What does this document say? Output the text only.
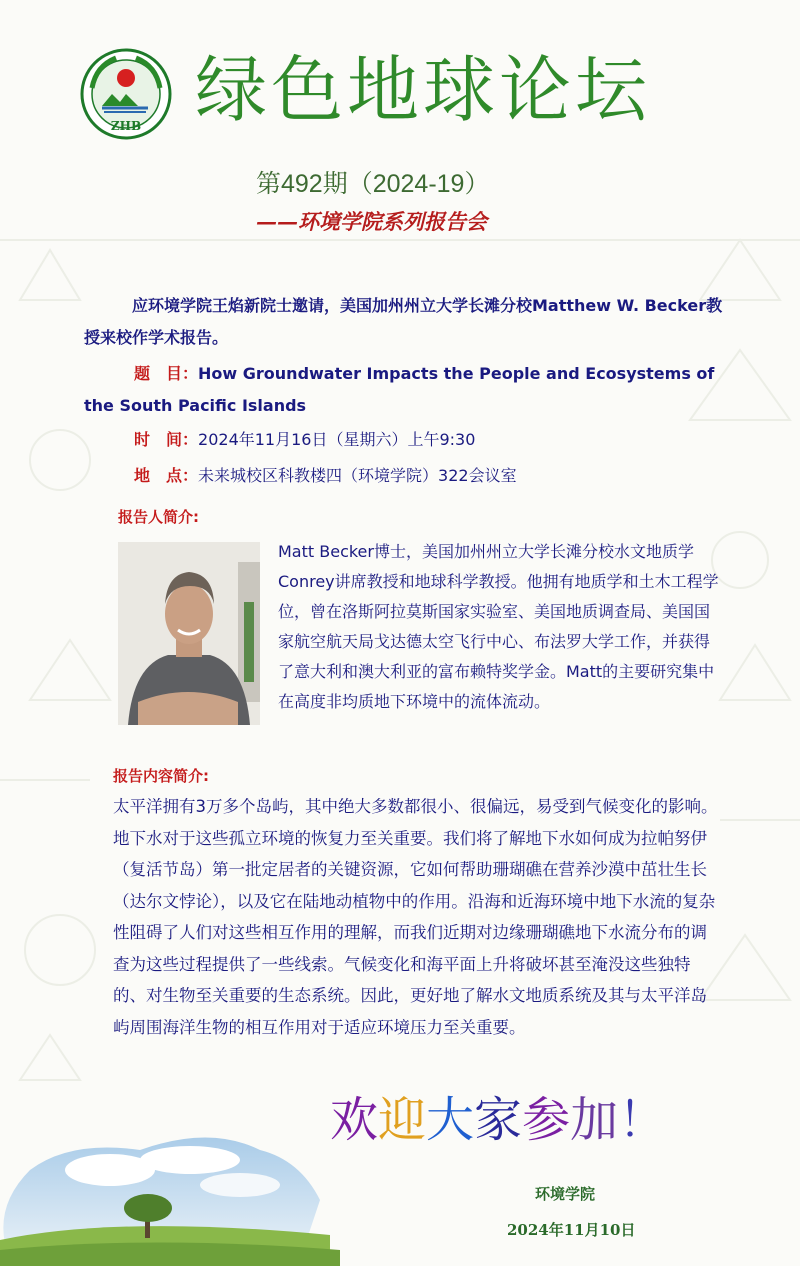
ZHB 绿色地球论坛
第492期（2024-19）
——环境学院系列报告会
应环境学院王焰新院士邀请，美国加州州立大学长滩分校Matthew W. Becker教授来校作学术报告。
题　目：How Groundwater Impacts the People and Ecosystems of the South Pacific Islands
时　间：2024年11月16日（星期六）上午9:30
地　点：未来城校区科教楼四（环境学院）322会议室
报告人简介:
Matt Becker博士，美国加州州立大学长滩分校水文地质学Conrey讲席教授和地球科学教授。他拥有地质学和土木工程学位，曾在洛斯阿拉莫斯国家实验室、美国地质调查局、美国国家航空航天局戈达德太空飞行中心、布法罗大学工作，并获得了意大利和澳大利亚的富布赖特奖学金。Matt的主要研究集中在高度非均质地下环境中的流体流动。
报告内容简介:
太平洋拥有3万多个岛屿，其中绝大多数都很小、很偏远，易受到气候变化的影响。地下水对于这些孤立环境的恢复力至关重要。我们将了解地下水如何成为拉帕努伊（复活节岛）第一批定居者的关键资源，它如何帮助珊瑚礁在营养沙漠中茁壮生长（达尔文悖论），以及它在陆地动植物中的作用。沿海和近海环境中地下水流的复杂性阻碍了人们对这些相互作用的理解，而我们近期对边缘珊瑚礁地下水流分布的调查为这些过程提供了一些线索。气候变化和海平面上升将破坏甚至淹没这些独特的、对生物至关重要的生态系统。因此，更好地了解水文地质系统及其与太平洋岛屿周围海洋生物的相互作用对于适应环境压力至关重要。
欢迎大家参加！
环境学院
2024年11月10日
